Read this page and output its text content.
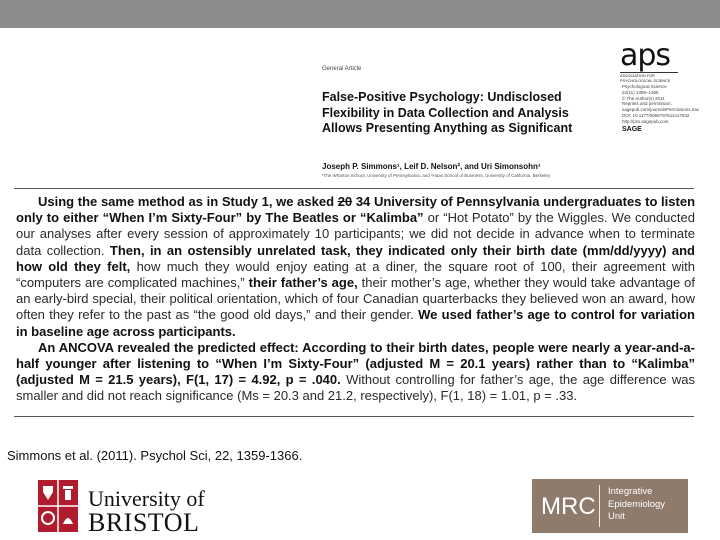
General Article
False-Positive Psychology: Undisclosed Flexibility in Data Collection and Analysis Allows Presenting Anything as Significant
Joseph P. Simmons¹, Leif D. Nelson², and Uri Simonsohn¹
¹The Wharton School, University of Pennsylvania, and ²Haas School of Business, University of California, Berkeley
aps
ASSOCIATION FOR PSYCHOLOGICAL SCIENCE
Psychological Science
22(11) 1359–1366
© The Author(s) 2011
Reprints and permission:
sagepub.com/journalsPermissions.nav
DOI: 10.1177/0956797611417632
http://pss.sagepub.com
SAGE

Using the same method as in Study 1, we asked 20 34 University of Pennsylvania undergraduates to listen only to either “When I’m Sixty-Four” by The Beatles or “Kalimba” or “Hot Potato” by the Wiggles. We conducted our analyses after every session of approximately 10 participants; we did not decide in advance when to terminate data collection. Then, in an ostensibly unrelated task, they indicated only their birth date (mm/dd/yyyy) and how old they felt, how much they would enjoy eating at a diner, the square root of 100, their agreement with “computers are complicated machines,” their father’s age, their mother’s age, whether they would take advantage of an early-bird special, their political orientation, which of four Canadian quarterbacks they believed won an award, how often they refer to the past as “the good old days,” and their gender. We used father’s age to control for variation in baseline age across participants.

An ANCOVA revealed the predicted effect: According to their birth dates, people were nearly a year-and-a-half younger after listening to “When I’m Sixty-Four” (adjusted M = 20.1 years) rather than to “Kalimba” (adjusted M = 21.5 years), F(1, 17) = 4.92, p = .040. Without controlling for father’s age, the age difference was smaller and did not reach significance (Ms = 20.3 and 21.2, respectively), F(1, 18) = 1.01, p = .33.

Simmons et al. (2011). Psychol Sci, 22, 1359-1366.
University of
BRISTOL
MRC
Integrative
Epidemiology
Unit
